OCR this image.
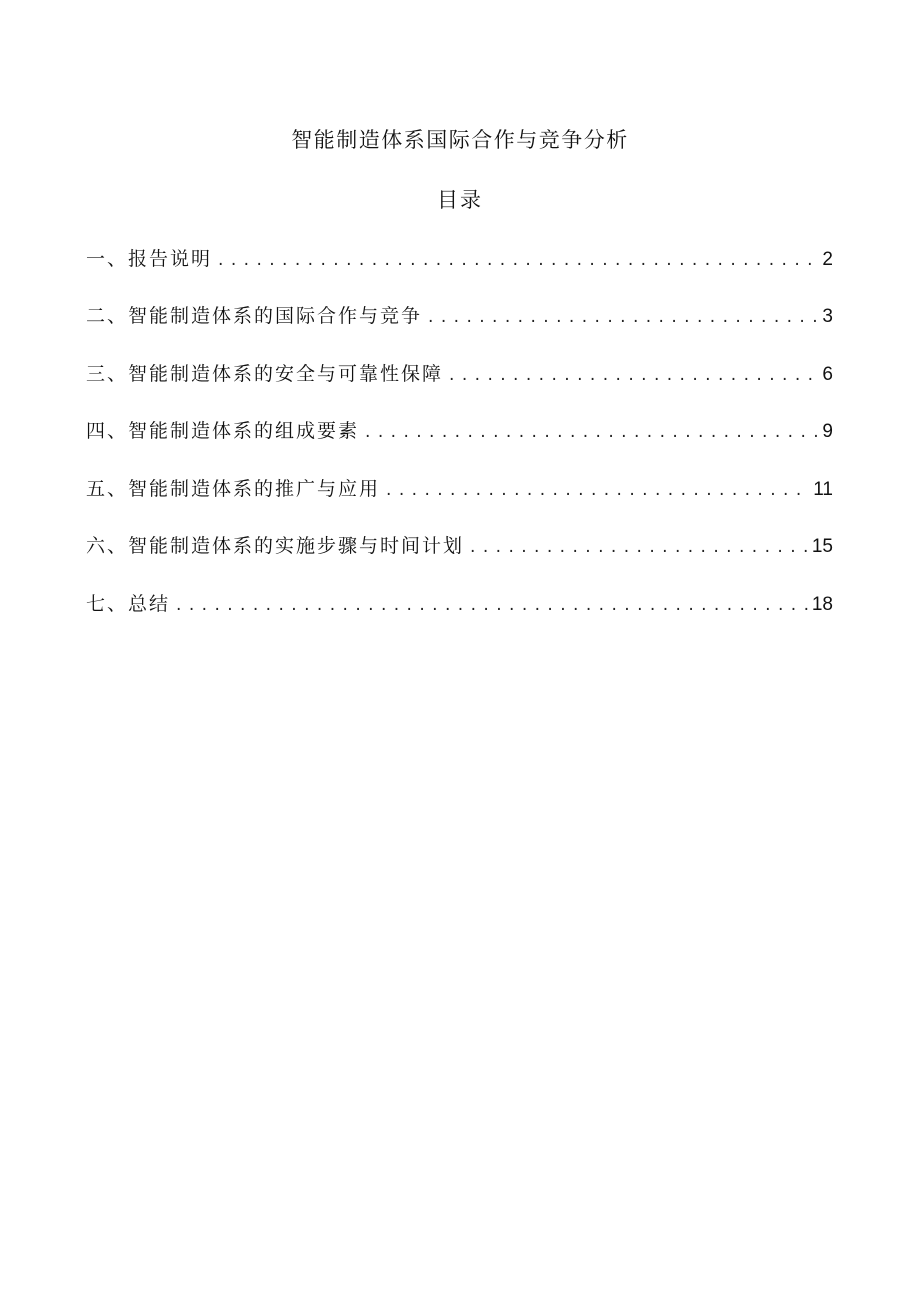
智能制造体系国际合作与竞争分析
目录
一、报告说明 . . .	2
二、智能制造体系的国际合作与竞争 . . .	3
三、智能制造体系的安全与可靠性保障 . . .	6
四、智能制造体系的组成要素 . . .	9
五、智能制造体系的推广与应用 . . .	11
六、智能制造体系的实施步骤与时间计划 . . .	15
七、总结 . . .	18
